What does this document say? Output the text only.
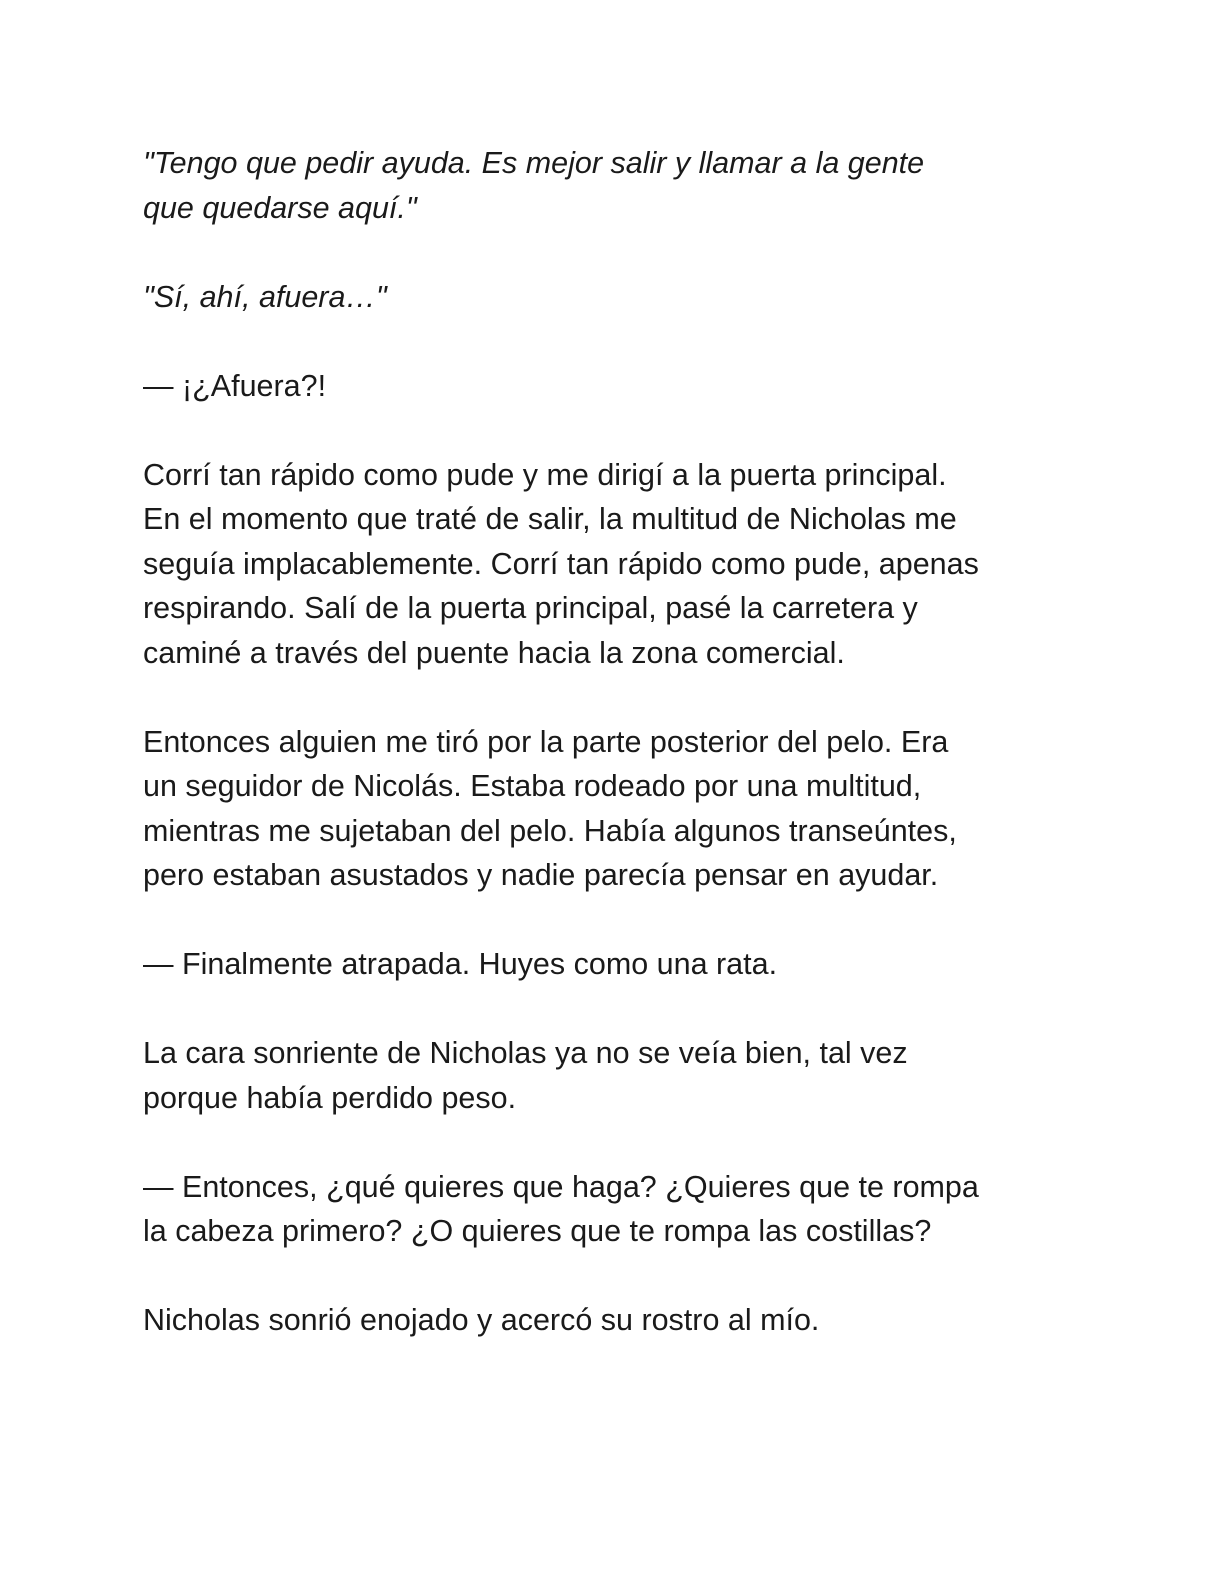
"Tengo que pedir ayuda. Es mejor salir y llamar a la gente
que quedarse aquí."

"Sí, ahí, afuera…"

— ¡¿Afuera?!

Corrí tan rápido como pude y me dirigí a la puerta principal.
En el momento que traté de salir, la multitud de Nicholas me
seguía implacablemente. Corrí tan rápido como pude, apenas
respirando. Salí de la puerta principal, pasé la carretera y
caminé a través del puente hacia la zona comercial.

Entonces alguien me tiró por la parte posterior del pelo. Era
un seguidor de Nicolás. Estaba rodeado por una multitud,
mientras me sujetaban del pelo. Había algunos transeúntes,
pero estaban asustados y nadie parecía pensar en ayudar.

— Finalmente atrapada. Huyes como una rata.

La cara sonriente de Nicholas ya no se veía bien, tal vez
porque había perdido peso.

— Entonces, ¿qué quieres que haga? ¿Quieres que te rompa
la cabeza primero? ¿O quieres que te rompa las costillas?

Nicholas sonrió enojado y acercó su rostro al mío.
